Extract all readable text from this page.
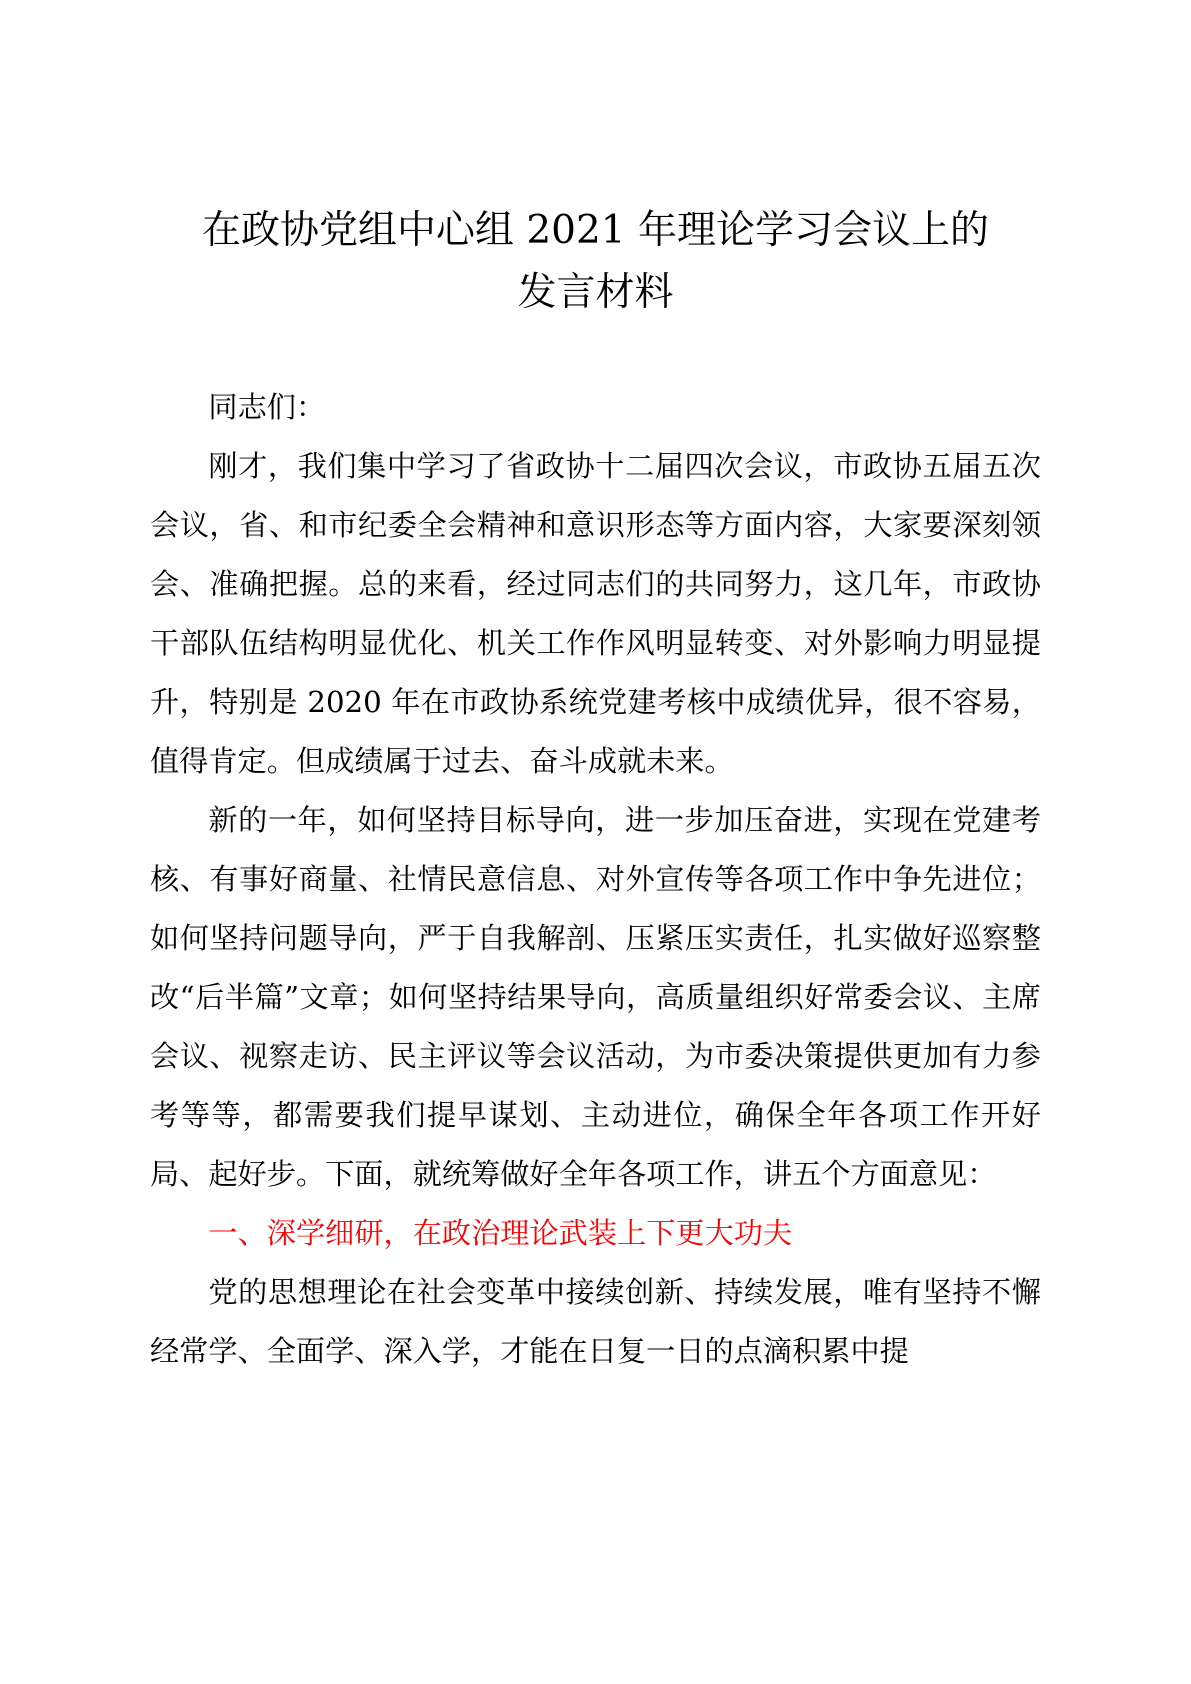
在政协党组中心组 2021 年理论学习会议上的
发言材料

同志们：

刚才，我们集中学习了省政协十二届四次会议，市政协五届五次会议，省、和市纪委全会精神和意识形态等方面内容，大家要深刻领会、准确把握。总的来看，经过同志们的共同努力，这几年，市政协干部队伍结构明显优化、机关工作作风明显转变、对外影响力明显提升，特别是 2020 年在市政协系统党建考核中成绩优异，很不容易，值得肯定。但成绩属于过去、奋斗成就未来。

新的一年，如何坚持目标导向，进一步加压奋进，实现在党建考核、有事好商量、社情民意信息、对外宣传等各项工作中争先进位；如何坚持问题导向，严于自我解剖、压紧压实责任，扎实做好巡察整改“后半篇”文章；如何坚持结果导向，高质量组织好常委会议、主席会议、视察走访、民主评议等会议活动，为市委决策提供更加有力参考等等，都需要我们提早谋划、主动进位，确保全年各项工作开好局、起好步。下面，就统筹做好全年各项工作，讲五个方面意见：

一、深学细研，在政治理论武装上下更大功夫

党的思想理论在社会变革中接续创新、持续发展，唯有坚持不懈经常学、全面学、深入学，才能在日复一日的点滴积累中提
